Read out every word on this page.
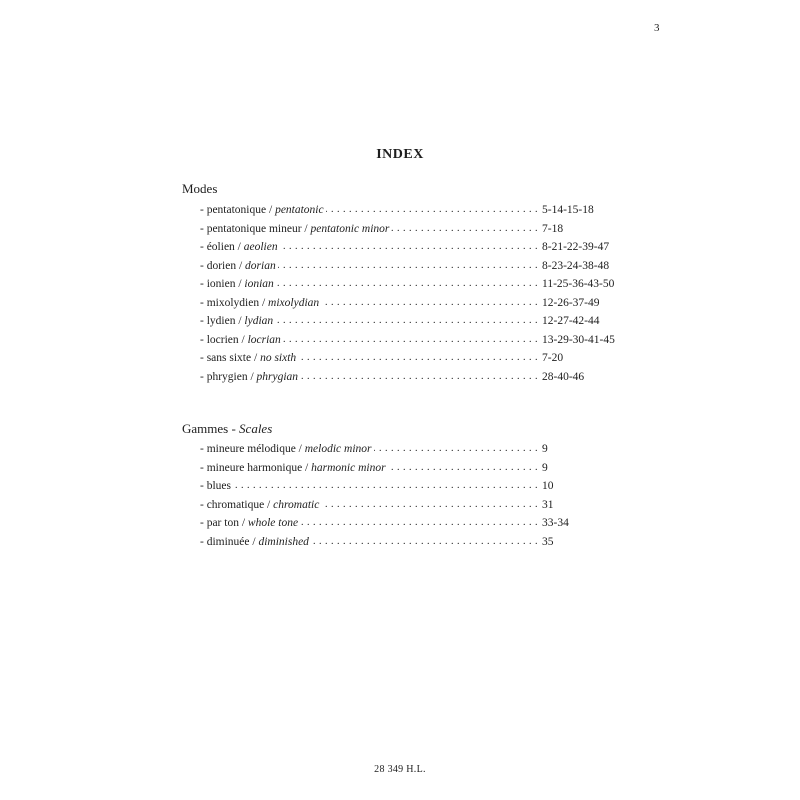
3
INDEX
Modes
. . .
- pentatonique / pentatonic	5-14-15-18
. . .
- pentatonique mineur / pentatonic minor	7-18
. . .
- éolien / aeolien	8-21-22-39-47
. . .
- dorien / dorian	8-23-24-38-48
. . .
- ionien / ionian	11-25-36-43-50
. . .
- mixolydien / mixolydian	12-26-37-49
. . .
- lydien / lydian	12-27-42-44
. . .
- locrien / locrian	13-29-30-41-45
. . .
- sans sixte / no sixth	7-20
. . .
- phrygien / phrygian	28-40-46
Gammes - Scales
. . .
- mineure mélodique / melodic minor	9
. . .
- mineure harmonique / harmonic minor	9
. . .
- blues	10
. . .
- chromatique / chromatic	31
. . .
- par ton / whole tone	33-34
. . .
- diminuée / diminished	35
28 349 H.L.
